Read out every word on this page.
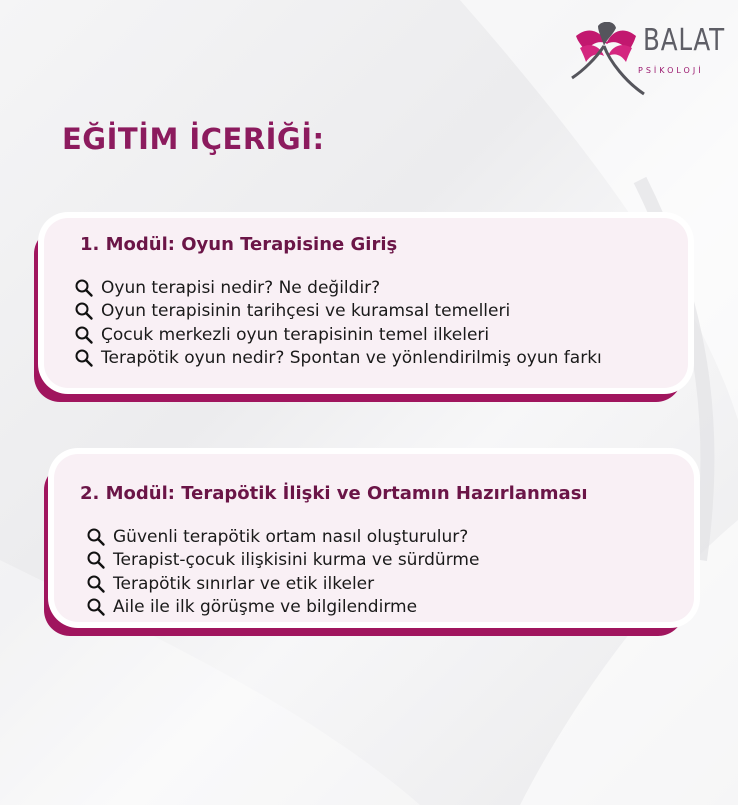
BALAT
PSİKOLOJİ
EĞİTİM İÇERİĞİ:
1. Modül: Oyun Terapisine Giriş
Oyun terapisi nedir? Ne değildir?
Oyun terapisinin tarihçesi ve kuramsal temelleri
Çocuk merkezli oyun terapisinin temel ilkeleri
Terapötik oyun nedir? Spontan ve yönlendirilmiş oyun farkı
2. Modül: Terapötik İlişki ve Ortamın Hazırlanması
Güvenli terapötik ortam nasıl oluşturulur?
Terapist-çocuk ilişkisini kurma ve sürdürme
Terapötik sınırlar ve etik ilkeler
Aile ile ilk görüşme ve bilgilendirme
